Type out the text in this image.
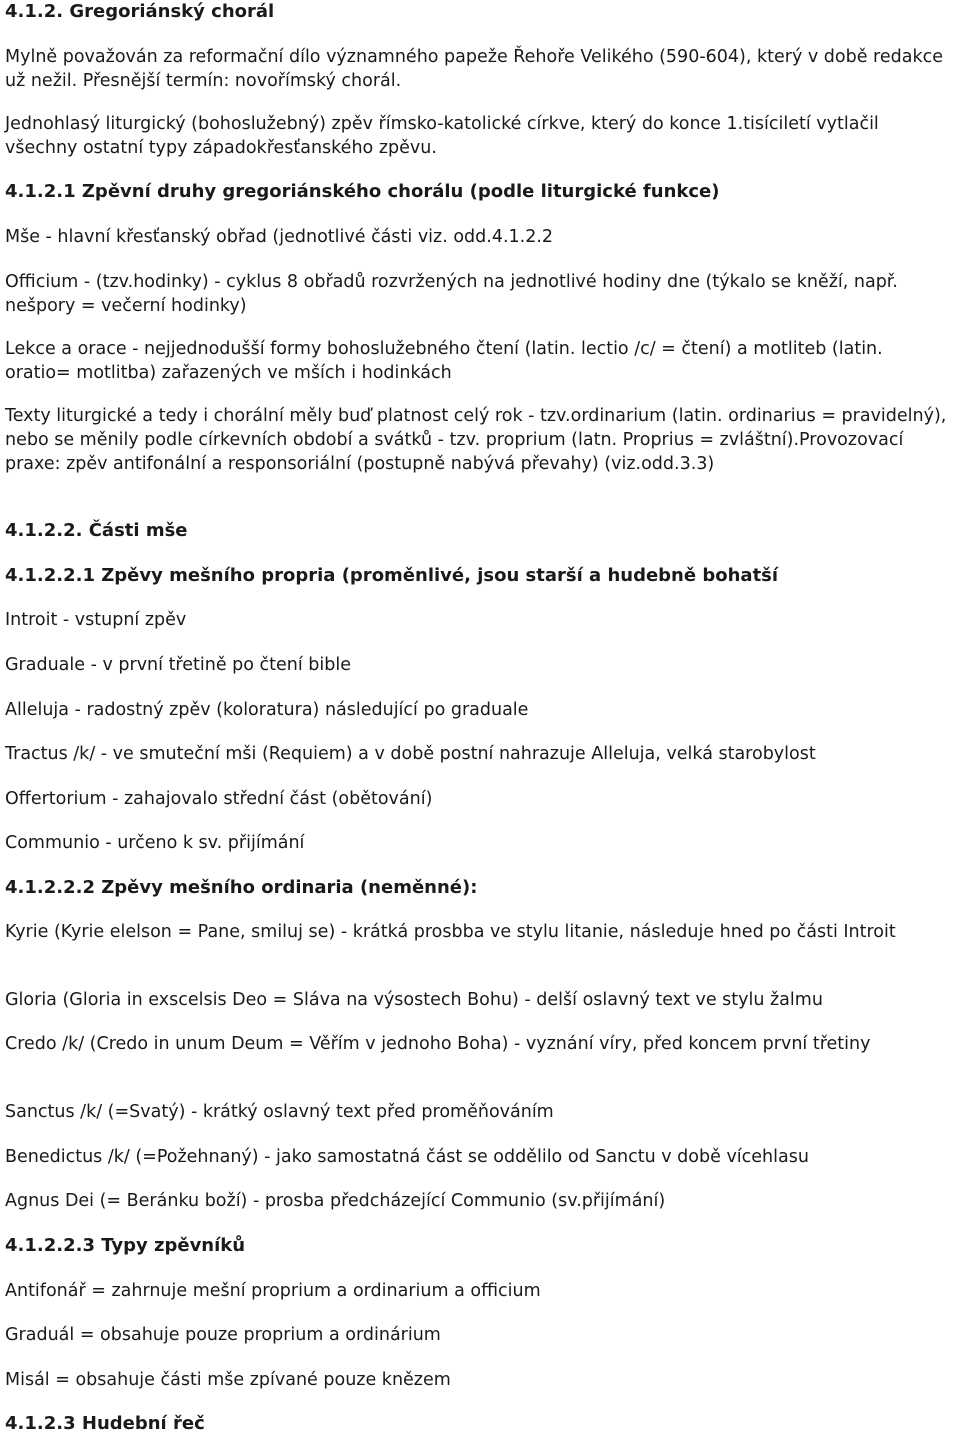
4.1.2. Gregoriánský chorál

Mylně považován za reformační dílo významného papeže Řehoře Velikého (590-604), který v době redakce už nežil. Přesnější termín: novořímský chorál.

Jednohlasý liturgický (bohoslužebný) zpěv římsko-katolické církve, který do konce 1.tisíciletí vytlačil všechny ostatní typy západokřesťanského zpěvu.

4.1.2.1 Zpěvní druhy gregoriánského chorálu (podle liturgické funkce)

Mše - hlavní křesťanský obřad (jednotlivé části viz. odd.4.1.2.2

Officium - (tzv.hodinky) - cyklus 8 obřadů rozvržených na jednotlivé hodiny dne (týkalo se kněží, např. nešpory = večerní hodinky)

Lekce a orace - nejjednodušší formy bohoslužebného čtení (latin. lectio /c/ = čtení) a motliteb (latin. oratio= motlitba) zařazených ve mších i hodinkách

Texty liturgické a tedy i chorální měly buď platnost celý rok - tzv.ordinarium (latin. ordinarius = pravidelný), nebo se měnily podle církevních období a svátků - tzv. proprium (latn. Proprius = zvláštní).Provozovací praxe: zpěv antifonální a responsoriální (postupně nabývá převahy) (viz.odd.3.3)

4.1.2.2. Části mše

4.1.2.2.1 Zpěvy mešního propria (proměnlivé, jsou starší a hudebně bohatší

Introit - vstupní zpěv

Graduale - v první třetině po čtení bible

Alleluja - radostný zpěv (koloratura) následující po graduale

Tractus /k/ - ve smuteční mši (Requiem) a v době postní nahrazuje Alleluja, velká starobylost

Offertorium - zahajovalo střední část (obětování)

Communio - určeno k sv. přijímání

4.1.2.2.2 Zpěvy mešního ordinaria (neměnné):

Kyrie (Kyrie elelson = Pane, smiluj se) - krátká prosbba ve stylu litanie, následuje hned po části Introit

Gloria (Gloria in exscelsis Deo = Sláva na výsostech Bohu) - delší oslavný text ve stylu žalmu

Credo /k/ (Credo in unum Deum = Věřím v jednoho Boha) - vyznání víry, před koncem první třetiny

Sanctus /k/ (=Svatý) - krátký oslavný text před proměňováním

Benedictus /k/ (=Požehnaný) - jako samostatná část se oddělilo od Sanctu v době vícehlasu

Agnus Dei (= Beránku boží) - prosba předcházející Communio (sv.přijímání)

4.1.2.2.3 Typy zpěvníků

Antifonář = zahrnuje mešní proprium a ordinarium a officium

Graduál = obsahuje pouze proprium a ordinárium

Misál = obsahuje části mše zpívané pouze knězem

4.1.2.3 Hudební řeč
